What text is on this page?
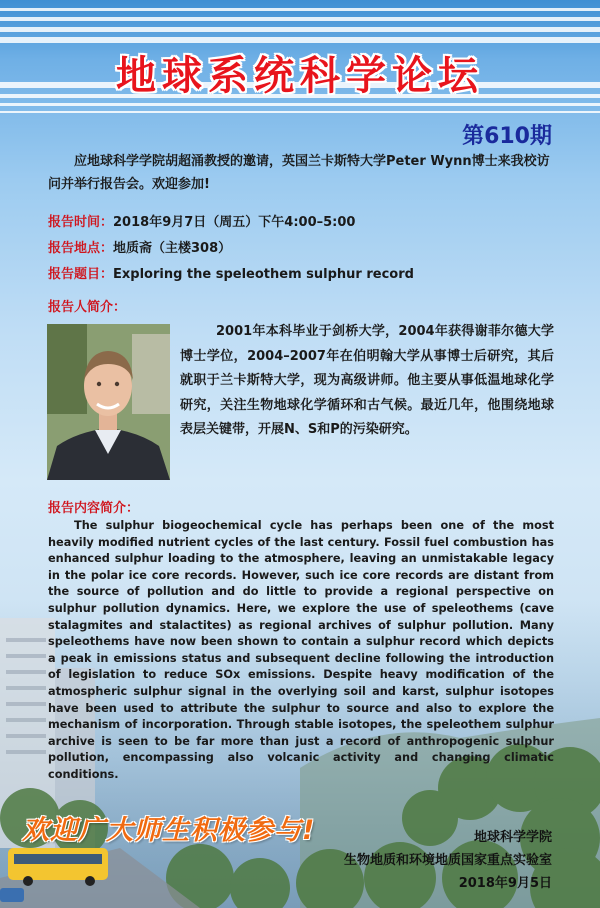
地球系统科学论坛
第610期
应地球科学学院胡超涌教授的邀请，英国兰卡斯特大学Peter Wynn博士来我校访问并举行报告会。欢迎参加!
报告时间：2018年9月7日（周五）下午4:00–5:00
报告地点：地质斋（主楼308）
报告题目：Exploring the speleothem sulphur record
报告人简介：
2001年本科毕业于剑桥大学，2004年获得谢菲尔德大学博士学位，2004–2007年在伯明翰大学从事博士后研究，其后就职于兰卡斯特大学，现为高级讲师。他主要从事低温地球化学研究，关注生物地球化学循环和古气候。最近几年，他围绕地球表层关键带，开展N、S和P的污染研究。
报告内容简介：
The sulphur biogeochemical cycle has perhaps been one of the most heavily modified nutrient cycles of the last century. Fossil fuel combustion has enhanced sulphur loading to the atmosphere, leaving an unmistakable legacy in the polar ice core records. However, such ice core records are distant from the source of pollution and do little to provide a regional perspective on sulphur pollution dynamics. Here, we explore the use of speleothems (cave stalagmites and stalactites) as regional archives of sulphur pollution. Many speleothems have now been shown to contain a sulphur record which depicts a peak in emissions status and subsequent decline following the introduction of legislation to reduce SOx emissions. Despite heavy modification of the atmospheric sulphur signal in the overlying soil and karst, sulphur isotopes have been used to attribute the sulphur to source and also to explore the mechanism of incorporation. Through stable isotopes, the speleothem sulphur archive is seen to be far more than just a record of anthropogenic sulphur pollution, encompassing also volcanic activity and changing climatic conditions.
欢迎广大师生积极参与!	地球科学学院
生物地质和环境地质国家重点实验室
2018年9月5日
